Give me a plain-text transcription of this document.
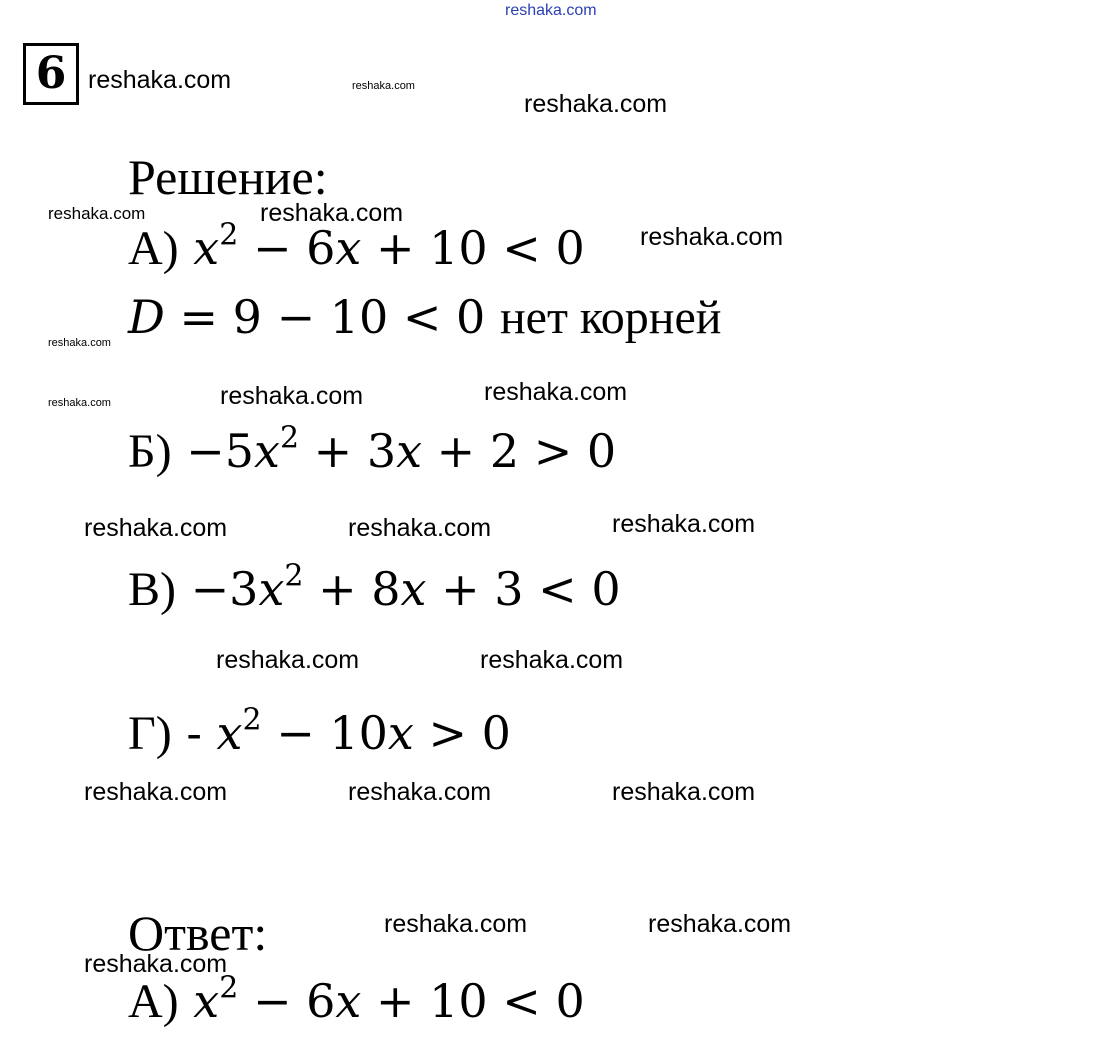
reshaka.com
6 reshaka.com	reshaka.com
reshaka.com
reshaka.com	reshaka.com
reshaka.com
reshaka.com
reshaka.com	reshaka.com	reshaka.com
reshaka.com	reshaka.com	reshaka.com
reshaka.com	reshaka.com
reshaka.com	reshaka.com	reshaka.com
reshaka.com	reshaka.com
reshaka.com
Решение:
А) $x^2 - 6x + 10 < 0$
D = 9 − 10 < 0 нет корней
$Б) -5x^2 + 3x + 2 > 0$
$В) -3x^2 + 8x + 3 < 0$
$Г) - x^2 - 10x > 0$
Ответ:
А) $x^2 - 6x + 10 < 0$
